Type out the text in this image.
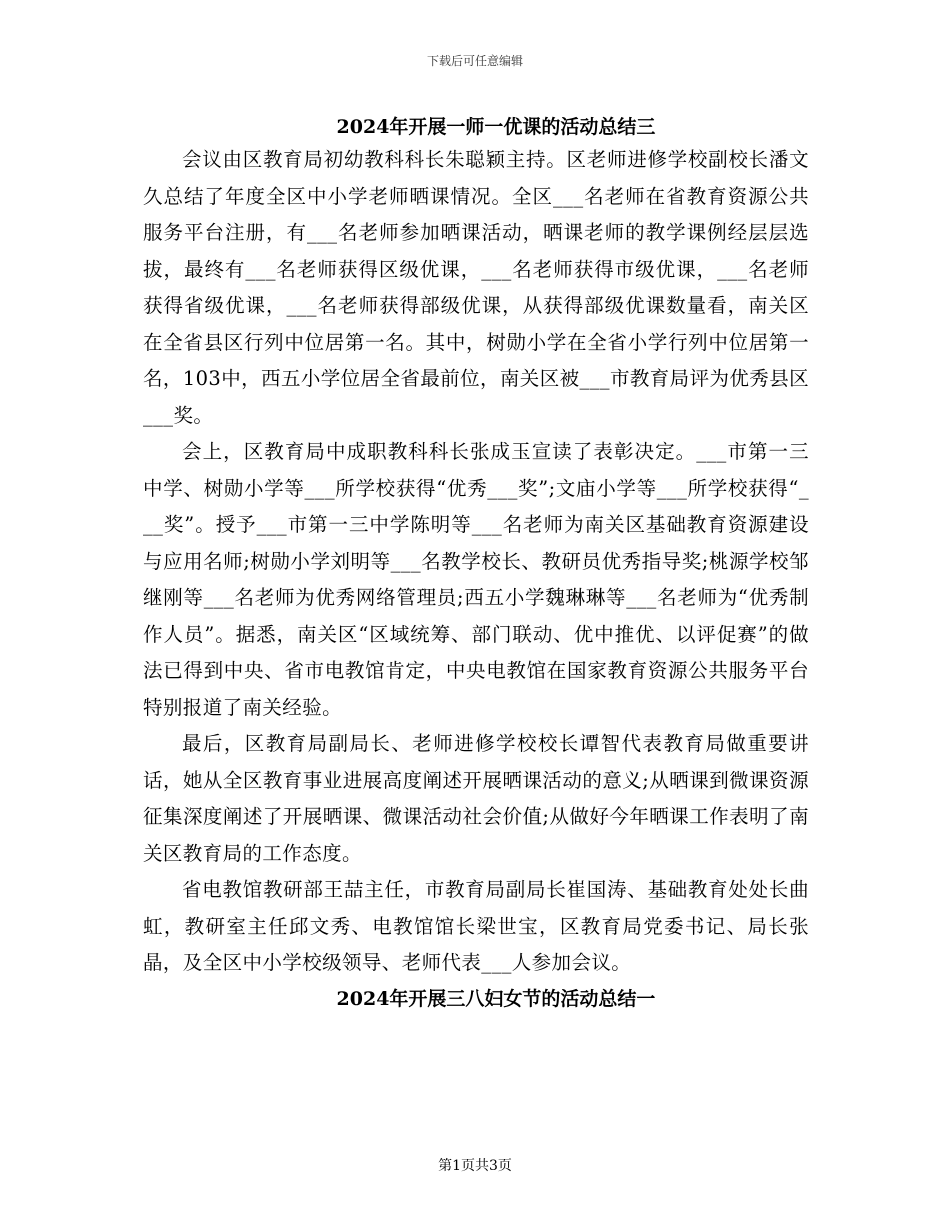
下载后可任意编辑
2024年开展一师一优课的活动总结三

会议由区教育局初幼教科科长朱聪颖主持。区老师进修学校副校长潘文久总结了年度全区中小学老师晒课情况。全区___名老师在省教育资源公共服务平台注册，有___名老师参加晒课活动，晒课老师的教学课例经层层选拔，最终有___名老师获得区级优课，___名老师获得市级优课，___名老师获得省级优课，___名老师获得部级优课，从获得部级优课数量看，南关区在全省县区行列中位居第一名。其中，树勋小学在全省小学行列中位居第一名，103中，西五小学位居全省最前位，南关区被___市教育局评为优秀县区___奖。

会上，区教育局中成职教科科长张成玉宣读了表彰决定。___市第一三中学、树勋小学等___所学校获得“优秀___奖”;文庙小学等___所学校获得“___奖”。授予___市第一三中学陈明等___名老师为南关区基础教育资源建设与应用名师;树勋小学刘明等___名教学校长、教研员优秀指导奖;桃源学校邹继刚等___名老师为优秀网络管理员;西五小学魏琳琳等___名老师为“优秀制作人员”。据悉，南关区“区域统筹、部门联动、优中推优、以评促赛”的做法已得到中央、省市电教馆肯定，中央电教馆在国家教育资源公共服务平台特别报道了南关经验。

最后，区教育局副局长、老师进修学校校长谭智代表教育局做重要讲话，她从全区教育事业进展高度阐述开展晒课活动的意义;从晒课到微课资源征集深度阐述了开展晒课、微课活动社会价值;从做好今年晒课工作表明了南关区教育局的工作态度。

省电教馆教研部王喆主任，市教育局副局长崔国涛、基础教育处处长曲虹，教研室主任邱文秀、电教馆馆长梁世宝，区教育局党委书记、局长张晶，及全区中小学校级领导、老师代表___人参加会议。

2024年开展三八妇女节的活动总结一
第1页共3页
